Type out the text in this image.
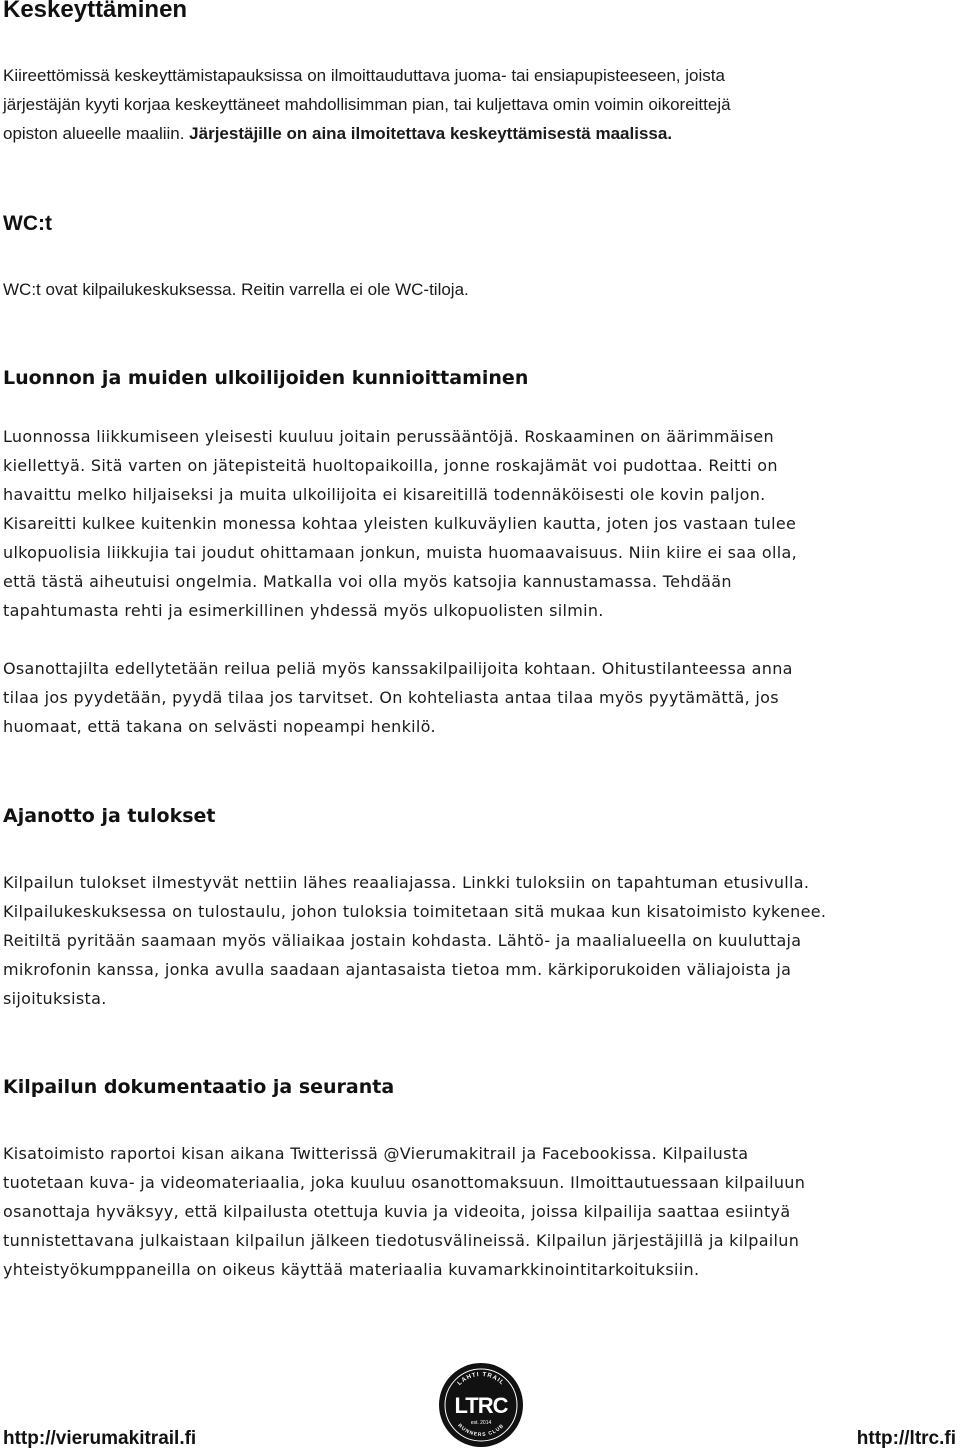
Keskeyttäminen
Kiireettömissä keskeyttämistapauksissa on ilmoittauduttava juoma- tai ensiapupisteeseen, joista
järjestäjän kyyti korjaa keskeyttäneet mahdollisimman pian, tai kuljettava omin voimin oikoreittejä
opiston alueelle maaliin. Järjestäjille on aina ilmoitettava keskeyttämisestä maalissa.
WC:t
WC:t ovat kilpailukeskuksessa. Reitin varrella ei ole WC-tiloja.
Luonnon ja muiden ulkoilijoiden kunnioittaminen
Luonnossa liikkumiseen yleisesti kuuluu joitain perussääntöjä. Roskaaminen on äärimmäisen
kiellettyä. Sitä varten on jätepisteitä huoltopaikoilla, jonne roskajämät voi pudottaa. Reitti on
havaittu melko hiljaiseksi ja muita ulkoilijoita ei kisareitillä todennäköisesti ole kovin paljon.
Kisareitti kulkee kuitenkin monessa kohtaa yleisten kulkuväylien kautta, joten jos vastaan tulee
ulkopuolisia liikkujia tai joudut ohittamaan jonkun, muista huomaavaisuus. Niin kiire ei saa olla,
että tästä aiheutuisi ongelmia. Matkalla voi olla myös katsojia kannustamassa. Tehdään
tapahtumasta rehti ja esimerkillinen yhdessä myös ulkopuolisten silmin.
Osanottajilta edellytetään reilua peliä myös kanssakilpailijoita kohtaan. Ohitustilanteessa anna
tilaa jos pyydetään, pyydä tilaa jos tarvitset. On kohteliasta antaa tilaa myös pyytämättä, jos
huomaat, että takana on selvästi nopeampi henkilö.
Ajanotto ja tulokset
Kilpailun tulokset ilmestyvät nettiin lähes reaaliajassa. Linkki tuloksiin on tapahtuman etusivulla.
Kilpailukeskuksessa on tulostaulu, johon tuloksia toimitetaan sitä mukaa kun kisatoimisto kykenee.
Reitiltä pyritään saamaan myös väliaikaa jostain kohdasta. Lähtö- ja maalialueella on kuuluttaja
mikrofonin kanssa, jonka avulla saadaan ajantasaista tietoa mm. kärkiporukoiden väliajoista ja
sijoituksista.
Kilpailun dokumentaatio ja seuranta
Kisatoimisto raportoi kisan aikana Twitterissä @Vierumakitrail ja Facebookissa. Kilpailusta
tuotetaan kuva- ja videomateriaalia, joka kuuluu osanottomaksuun. Ilmoittautuessaan kilpailuun
osanottaja hyväksyy, että kilpailusta otettuja kuvia ja videoita, joissa kilpailija saattaa esiintyä
tunnistettavana julkaistaan kilpailun jälkeen tiedotusvälineissä. Kilpailun järjestäjillä ja kilpailun
yhteistyökumppaneilla on oikeus käyttää materiaalia kuvamarkkinointitarkoituksiin.
LAHTI TRAIL
LTRC
est. 2014
RUNNERS CLUB
http://vierumakitrail.fi	http://ltrc.fi
